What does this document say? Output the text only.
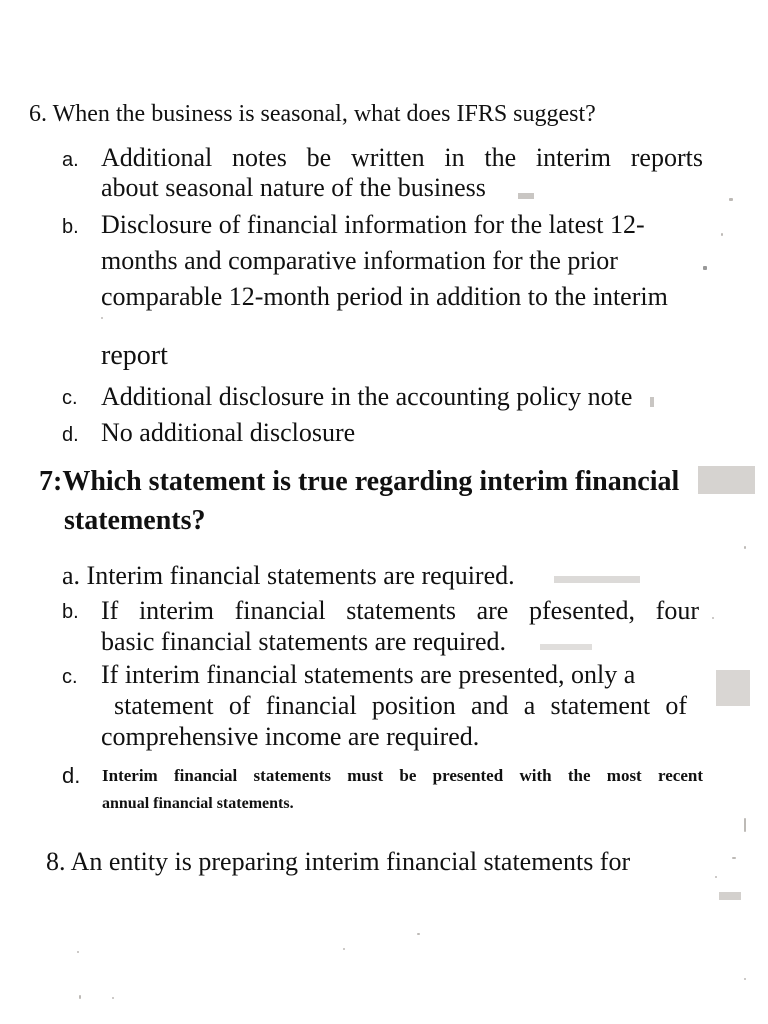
6. When the business is seasonal, what does IFRS suggest?
a. Additional notes be written in the interim reports
about seasonal nature of the business
b. Disclosure of financial information for the latest 12-
months and comparative information for the prior
comparable 12-month period in addition to the interim
report
c. Additional disclosure in the accounting policy note
d. No additional disclosure
7:Which statement is true regarding interim financial
statements?
a. Interim financial statements are required.
b. If interim financial statements are pfesented, four
basic financial statements are required.
c. If interim financial statements are presented, only a
statement of financial position and a statement of
comprehensive income are required.
d. Interim financial statements must be presented with the most recent
annual financial statements.
8. An entity is preparing interim financial statements for
